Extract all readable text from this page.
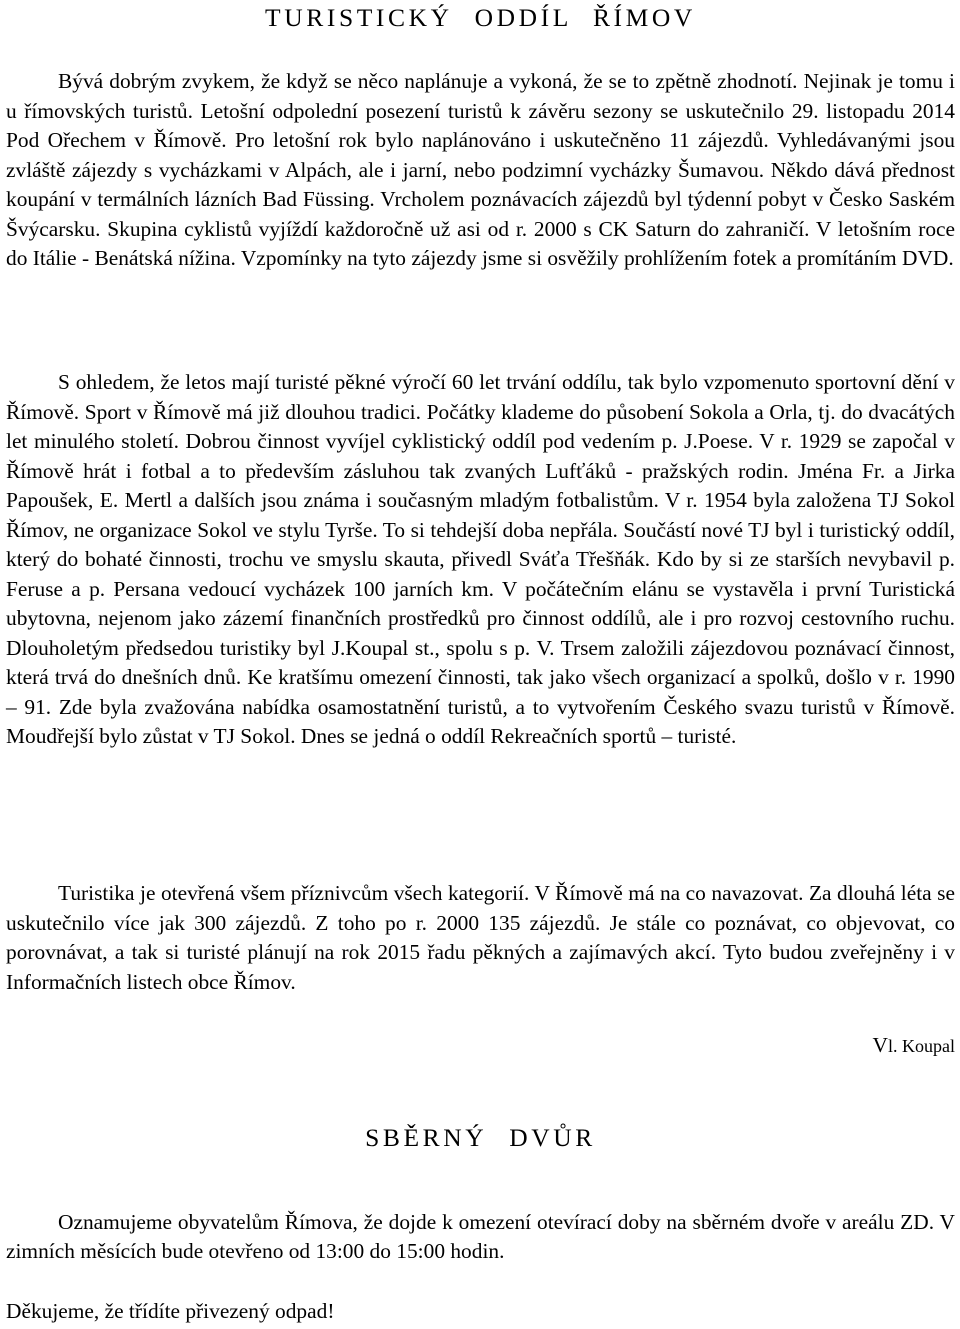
TURISTICKÝ ODDÍL ŘÍMOV

Bývá dobrým zvykem, že když se něco naplánuje a vykoná, že se to zpětně zhodnotí. Nejinak je tomu i u římovských turistů. Letošní odpolední posezení turistů k závěru sezony se uskutečnilo 29. listopadu 2014 Pod Ořechem v Římově. Pro letošní rok bylo naplánováno i uskutečněno 11 zájezdů. Vyhledávanými jsou zvláště zájezdy s vycházkami v Alpách, ale i jarní, nebo podzimní vycházky Šumavou. Někdo dává přednost koupání v termálních lázních Bad Füssing. Vrcholem poznávacích zájezdů byl týdenní pobyt v Česko Saském Švýcarsku. Skupina cyklistů vyjíždí každoročně už asi od r. 2000 s CK Saturn do zahraničí. V letošním roce do Itálie - Benátská nížina. Vzpomínky na tyto zájezdy jsme si osvěžily prohlížením fotek a promítáním DVD.

S ohledem, že letos mají turisté pěkné výročí 60 let trvání oddílu, tak bylo vzpomenuto sportovní dění v Římově. Sport v Římově má již dlouhou tradici. Počátky klademe do působení Sokola a Orla, tj. do dvacátých let minulého století. Dobrou činnost vyvíjel cyklistický oddíl pod vedením p. J.Poese. V r. 1929 se započal v Římově hrát i fotbal a to především zásluhou tak zvaných Lufťáků - pražských rodin. Jména Fr. a Jirka Papoušek, E. Mertl a dalších jsou známa i současným mladým fotbalistům. V r. 1954 byla založena TJ Sokol Římov, ne organizace Sokol ve stylu Tyrše. To si tehdejší doba nepřála. Součástí nové TJ byl i turistický oddíl, který do bohaté činnosti, trochu ve smyslu skauta, přivedl Sváťa Třešňák. Kdo by si ze starších nevybavil p. Feruse a p. Persana vedoucí vycházek 100 jarních km. V počátečním elánu se vystavěla i první Turistická ubytovna, nejenom jako zázemí finančních prostředků pro činnost oddílů, ale i pro rozvoj cestovního ruchu. Dlouholetým předsedou turistiky byl J.Koupal st., spolu s p. V. Trsem založili zájezdovou poznávací činnost, která trvá do dnešních dnů. Ke kratšímu omezení činnosti, tak jako všech organizací a spolků, došlo v r. 1990 – 91. Zde byla zvažována nabídka osamostatnění turistů, a to vytvořením Českého svazu turistů v Římově. Moudřejší bylo zůstat v TJ Sokol. Dnes se jedná o oddíl Rekreačních sportů – turisté.

Turistika je otevřená všem příznivcům všech kategorií. V Římově má na co navazovat. Za dlouhá léta se uskutečnilo více jak 300 zájezdů. Z toho po r. 2000 135 zájezdů. Je stále co poznávat, co objevovat, co porovnávat, a tak si turisté plánují na rok 2015 řadu pěkných a zajímavých akcí. Tyto budou zveřejněny i v Informačních listech obce Římov.

Vl. Koupal
SBĚRNÝ DVŮR

Oznamujeme obyvatelům Římova, že dojde k omezení otevírací doby na sběrném dvoře v areálu ZD. V zimních měsících bude otevřeno od 13:00 do 15:00 hodin.

Děkujeme, že třídíte přivezený odpad!
